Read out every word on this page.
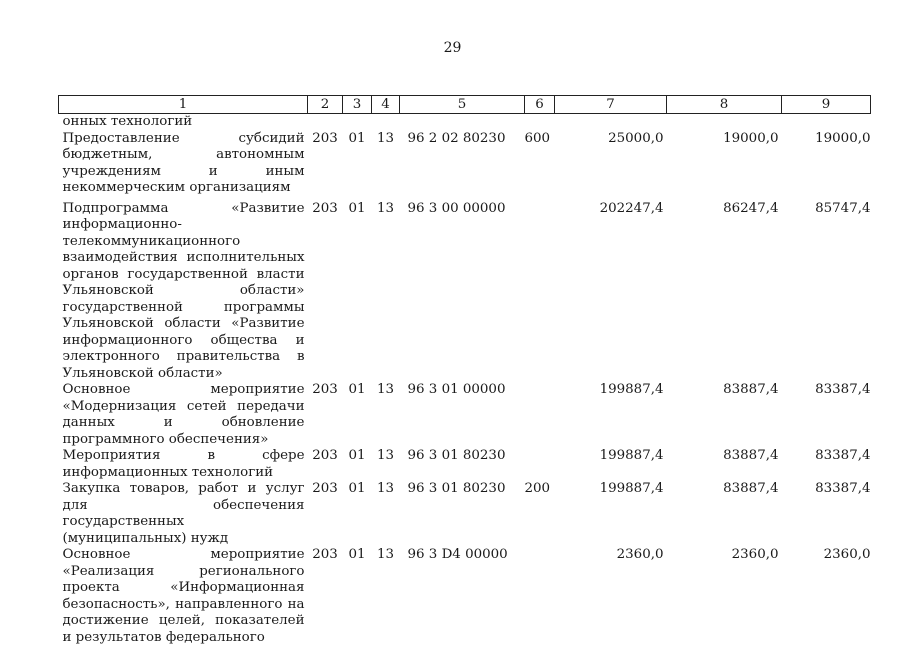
29
1	2	3	4	5	6	7	8	9
онных технологий								
Предоставление субсидий бюджетным, автономным учреждениям и иным некоммерческим организациям	203	01	13	96 2 02 80230	600	25000,0	19000,0	19000,0
Подпрограмма «Развитие информационно-телекоммуникационного взаимодействия исполнительных органов государственной власти Ульяновской области» государственной программы Ульяновской области «Развитие информационного общества и электронного правительства в Ульяновской области»	203	01	13	96 3 00 00000		202247,4	86247,4	85747,4
Основное мероприятие «Модернизация сетей передачи данных и обновление программного обеспечения»	203	01	13	96 3 01 00000		199887,4	83887,4	83387,4
Мероприятия в сфере информационных технологий	203	01	13	96 3 01 80230		199887,4	83887,4	83387,4
Закупка товаров, работ и услуг для обеспечения государственных (муниципальных) нужд	203	01	13	96 3 01 80230	200	199887,4	83887,4	83387,4
Основное мероприятие «Реализация регионального проекта «Информационная безопасность», направленного на достижение целей, показателей и результатов федерального	203	01	13	96 3 D4 00000		2360,0	2360,0	2360,0
